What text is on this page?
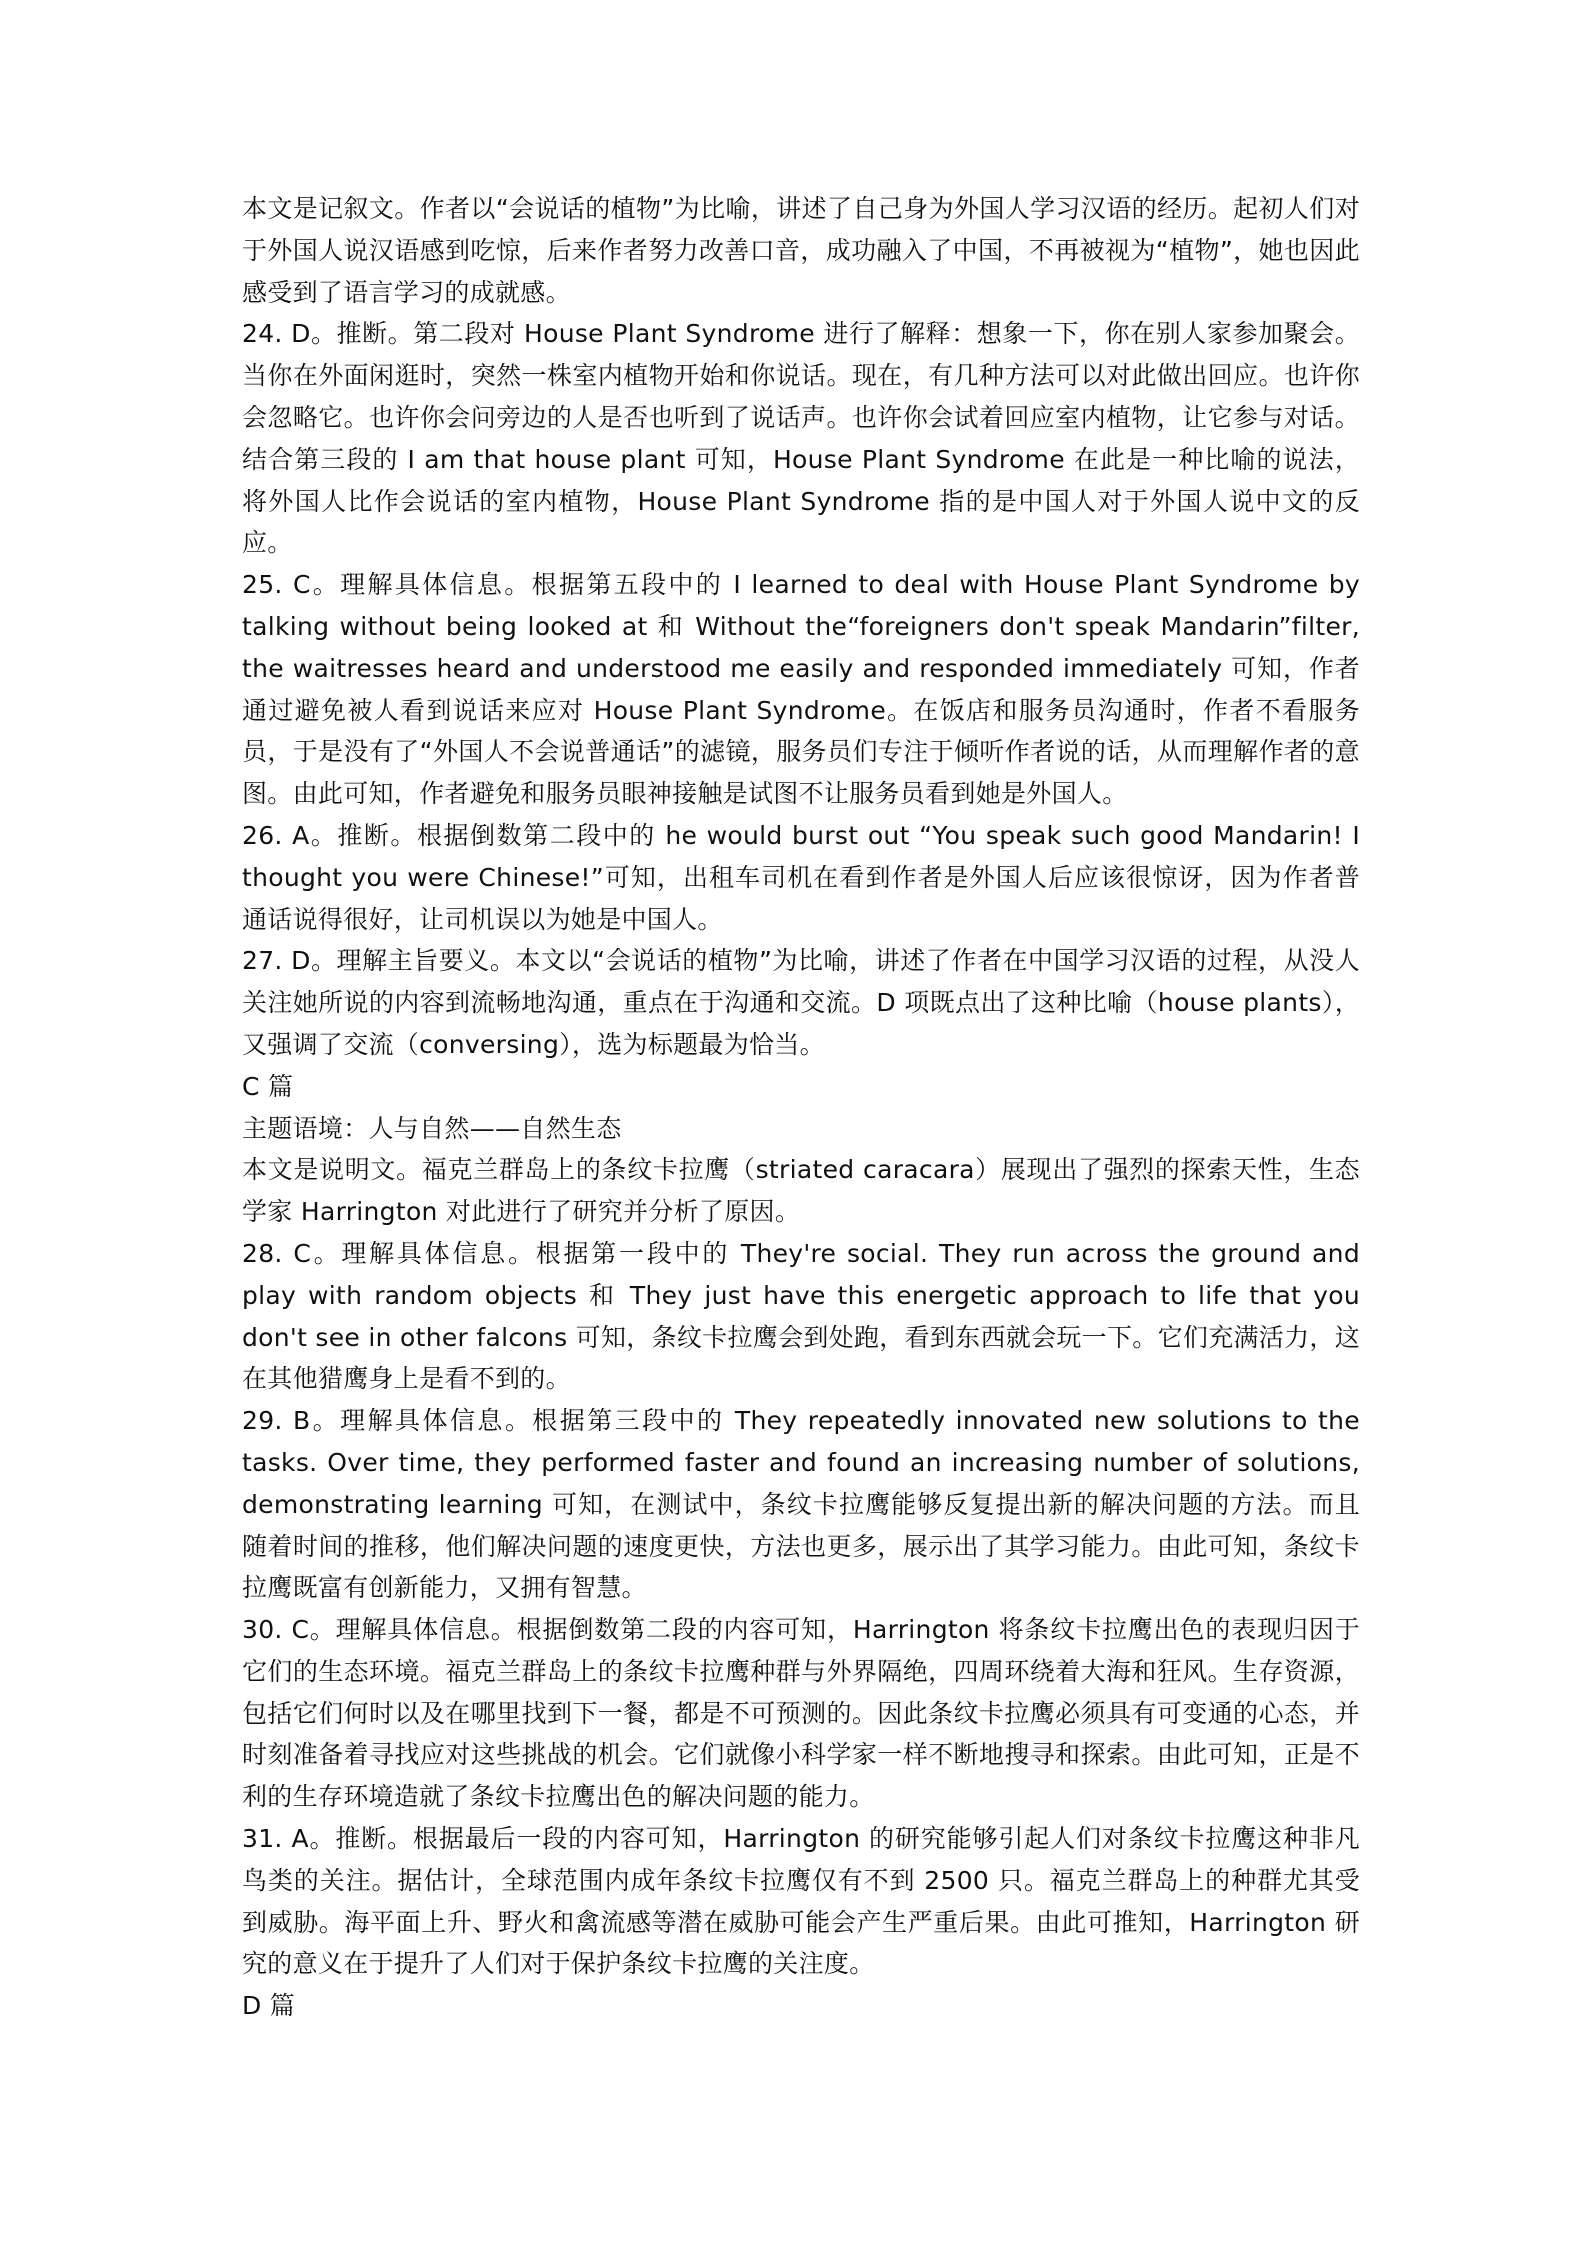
本文是记叙文。作者以“会说话的植物”为比喻，讲述了自己身为外国人学习汉语的经历。起初人们对于外国人说汉语感到吃惊，后来作者努力改善口音，成功融入了中国，不再被视为“植物”，她也因此感受到了语言学习的成就感。

24. D。推断。第二段对 House Plant Syndrome 进行了解释：想象一下，你在别人家参加聚会。当你在外面闲逛时，突然一株室内植物开始和你说话。现在，有几种方法可以对此做出回应。也许你会忽略它。也许你会问旁边的人是否也听到了说话声。也许你会试着回应室内植物，让它参与对话。结合第三段的 I am that house plant 可知，House Plant Syndrome 在此是一种比喻的说法，将外国人比作会说话的室内植物，House Plant Syndrome 指的是中国人对于外国人说中文的反应。

25. C。理解具体信息。根据第五段中的 I learned to deal with House Plant Syndrome by talking without being looked at 和 Without the“foreigners don't speak Mandarin”filter, the waitresses heard and understood me easily and responded immediately 可知，作者通过避免被人看到说话来应对 House Plant Syndrome。在饭店和服务员沟通时，作者不看服务员，于是没有了“外国人不会说普通话”的滤镜，服务员们专注于倾听作者说的话，从而理解作者的意图。由此可知，作者避免和服务员眼神接触是试图不让服务员看到她是外国人。

26. A。推断。根据倒数第二段中的 he would burst out “You speak such good Mandarin! I thought you were Chinese!”可知，出租车司机在看到作者是外国人后应该很惊讶，因为作者普通话说得很好，让司机误以为她是中国人。

27. D。理解主旨要义。本文以“会说话的植物”为比喻，讲述了作者在中国学习汉语的过程，从没人关注她所说的内容到流畅地沟通，重点在于沟通和交流。D 项既点出了这种比喻（house plants），又强调了交流（conversing），选为标题最为恰当。

C 篇

主题语境：人与自然——自然生态

本文是说明文。福克兰群岛上的条纹卡拉鹰（striated caracara）展现出了强烈的探索天性，生态学家 Harrington 对此进行了研究并分析了原因。

28. C。理解具体信息。根据第一段中的 They're social. They run across the ground and play with random objects 和 They just have this energetic approach to life that you don't see in other falcons 可知，条纹卡拉鹰会到处跑，看到东西就会玩一下。它们充满活力，这在其他猎鹰身上是看不到的。

29. B。理解具体信息。根据第三段中的 They repeatedly innovated new solutions to the tasks. Over time, they performed faster and found an increasing number of solutions, demonstrating learning 可知，在测试中，条纹卡拉鹰能够反复提出新的解决问题的方法。而且随着时间的推移，他们解决问题的速度更快，方法也更多，展示出了其学习能力。由此可知，条纹卡拉鹰既富有创新能力，又拥有智慧。

30. C。理解具体信息。根据倒数第二段的内容可知，Harrington 将条纹卡拉鹰出色的表现归因于它们的生态环境。福克兰群岛上的条纹卡拉鹰种群与外界隔绝，四周环绕着大海和狂风。生存资源，包括它们何时以及在哪里找到下一餐，都是不可预测的。因此条纹卡拉鹰必须具有可变通的心态，并时刻准备着寻找应对这些挑战的机会。它们就像小科学家一样不断地搜寻和探索。由此可知，正是不利的生存环境造就了条纹卡拉鹰出色的解决问题的能力。

31. A。推断。根据最后一段的内容可知，Harrington 的研究能够引起人们对条纹卡拉鹰这种非凡鸟类的关注。据估计，全球范围内成年条纹卡拉鹰仅有不到 2500 只。福克兰群岛上的种群尤其受到威胁。海平面上升、野火和禽流感等潜在威胁可能会产生严重后果。由此可推知，Harrington 研究的意义在于提升了人们对于保护条纹卡拉鹰的关注度。

D 篇
